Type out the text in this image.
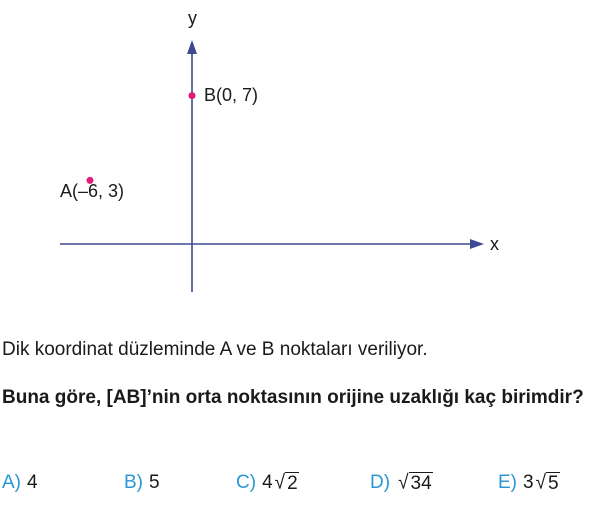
x
y
B(0, 7)
A(–6, 3)
Dik koordinat düzleminde A ve B noktaları veriliyor.
Buna göre, [AB]’nin orta noktasının orijine uzaklığı kaç birimdir?
A) 4	B) 5	C) 4 √ 2	D) √ 34	E) 3 √ 5
